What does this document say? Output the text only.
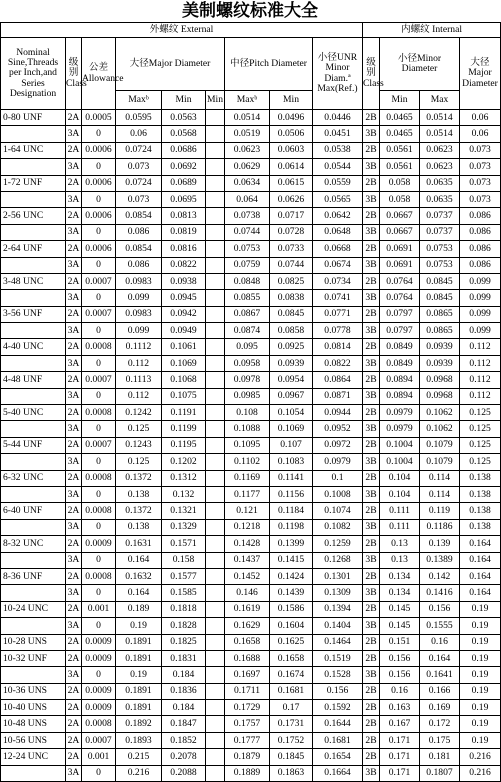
美制螺纹标准大全
外螺纹 External									内螺纹 Internal			
Nominal Sine,Threads per Inch,and Series Designation	级别Class	公差Allowance	大径Major Diameter			中径Pitch Diameter		小径UNR Minor Diam.ª Max(Ref.)	级别Class	小径Minor Diameter		大径 Major Diameter
			Maxᵇ	Min	Min	Maxᵇ	Min			Min	Max	
0-80 UNF	2A	0.0005	0.0595	0.0563		0.0514	0.0496	0.0446	2B	0.0465	0.0514	0.06
	3A	0	0.06	0.0568		0.0519	0.0506	0.0451	3B	0.0465	0.0514	0.06
1-64 UNC	2A	0.0006	0.0724	0.0686		0.0623	0.0603	0.0538	2B	0.0561	0.0623	0.073
	3A	0	0.073	0.0692		0.0629	0.0614	0.0544	3B	0.0561	0.0623	0.073
1-72 UNF	2A	0.0006	0.0724	0.0689		0.0634	0.0615	0.0559	2B	0.058	0.0635	0.073
	3A	0	0.073	0.0695		0.064	0.0626	0.0565	3B	0.058	0.0635	0.073
2-56 UNC	2A	0.0006	0.0854	0.0813		0.0738	0.0717	0.0642	2B	0.0667	0.0737	0.086
	3A	0	0.086	0.0819		0.0744	0.0728	0.0648	3B	0.0667	0.0737	0.086
2-64 UNF	2A	0.0006	0.0854	0.0816		0.0753	0.0733	0.0668	2B	0.0691	0.0753	0.086
	3A	0	0.086	0.0822		0.0759	0.0744	0.0674	3B	0.0691	0.0753	0.086
3-48 UNC	2A	0.0007	0.0983	0.0938		0.0848	0.0825	0.0734	2B	0.0764	0.0845	0.099
	3A	0	0.099	0.0945		0.0855	0.0838	0.0741	3B	0.0764	0.0845	0.099
3-56 UNF	2A	0.0007	0.0983	0.0942		0.0867	0.0845	0.0771	2B	0.0797	0.0865	0.099
	3A	0	0.099	0.0949		0.0874	0.0858	0.0778	3B	0.0797	0.0865	0.099
4-40 UNC	2A	0.0008	0.1112	0.1061		0.095	0.0925	0.0814	2B	0.0849	0.0939	0.112
	3A	0	0.112	0.1069		0.0958	0.0939	0.0822	3B	0.0849	0.0939	0.112
4-48 UNF	2A	0.0007	0.1113	0.1068		0.0978	0.0954	0.0864	2B	0.0894	0.0968	0.112
	3A	0	0.112	0.1075		0.0985	0.0967	0.0871	3B	0.0894	0.0968	0.112
5-40 UNC	2A	0.0008	0.1242	0.1191		0.108	0.1054	0.0944	2B	0.0979	0.1062	0.125
	3A	0	0.125	0.1199		0.1088	0.1069	0.0952	3B	0.0979	0.1062	0.125
5-44 UNF	2A	0.0007	0.1243	0.1195		0.1095	0.107	0.0972	2B	0.1004	0.1079	0.125
	3A	0	0.125	0.1202		0.1102	0.1083	0.0979	3B	0.1004	0.1079	0.125
6-32 UNC	2A	0.0008	0.1372	0.1312		0.1169	0.1141	0.1	2B	0.104	0.114	0.138
	3A	0	0.138	0.132		0.1177	0.1156	0.1008	3B	0.104	0.114	0.138
6-40 UNF	2A	0.0008	0.1372	0.1321		0.121	0.1184	0.1074	2B	0.111	0.119	0.138
	3A	0	0.138	0.1329		0.1218	0.1198	0.1082	3B	0.111	0.1186	0.138
8-32 UNC	2A	0.0009	0.1631	0.1571		0.1428	0.1399	0.1259	2B	0.13	0.139	0.164
	3A	0	0.164	0.158		0.1437	0.1415	0.1268	3B	0.13	0.1389	0.164
8-36 UNF	2A	0.0008	0.1632	0.1577		0.1452	0.1424	0.1301	2B	0.134	0.142	0.164
	3A	0	0.164	0.1585		0.146	0.1439	0.1309	3B	0.134	0.1416	0.164
10-24 UNC	2A	0.001	0.189	0.1818		0.1619	0.1586	0.1394	2B	0.145	0.156	0.19
	3A	0	0.19	0.1828		0.1629	0.1604	0.1404	3B	0.145	0.1555	0.19
10-28 UNS	2A	0.0009	0.1891	0.1825		0.1658	0.1625	0.1464	2B	0.151	0.16	0.19
10-32 UNF	2A	0.0009	0.1891	0.1831		0.1688	0.1658	0.1519	2B	0.156	0.164	0.19
	3A	0	0.19	0.184		0.1697	0.1674	0.1528	3B	0.156	0.1641	0.19
10-36 UNS	2A	0.0009	0.1891	0.1836		0.1711	0.1681	0.156	2B	0.16	0.166	0.19
10-40 UNS	2A	0.0009	0.1891	0.184		0.1729	0.17	0.1592	2B	0.163	0.169	0.19
10-48 UNS	2A	0.0008	0.1892	0.1847		0.1757	0.1731	0.1644	2B	0.167	0.172	0.19
10-56 UNS	2A	0.0007	0.1893	0.1852		0.1777	0.1752	0.1681	2B	0.171	0.175	0.19
12-24 UNC	2A	0.001	0.215	0.2078		0.1879	0.1845	0.1654	2B	0.171	0.181	0.216
	3A	0	0.216	0.2088		0.1889	0.1863	0.1664	3B	0.171	0.1807	0.216
